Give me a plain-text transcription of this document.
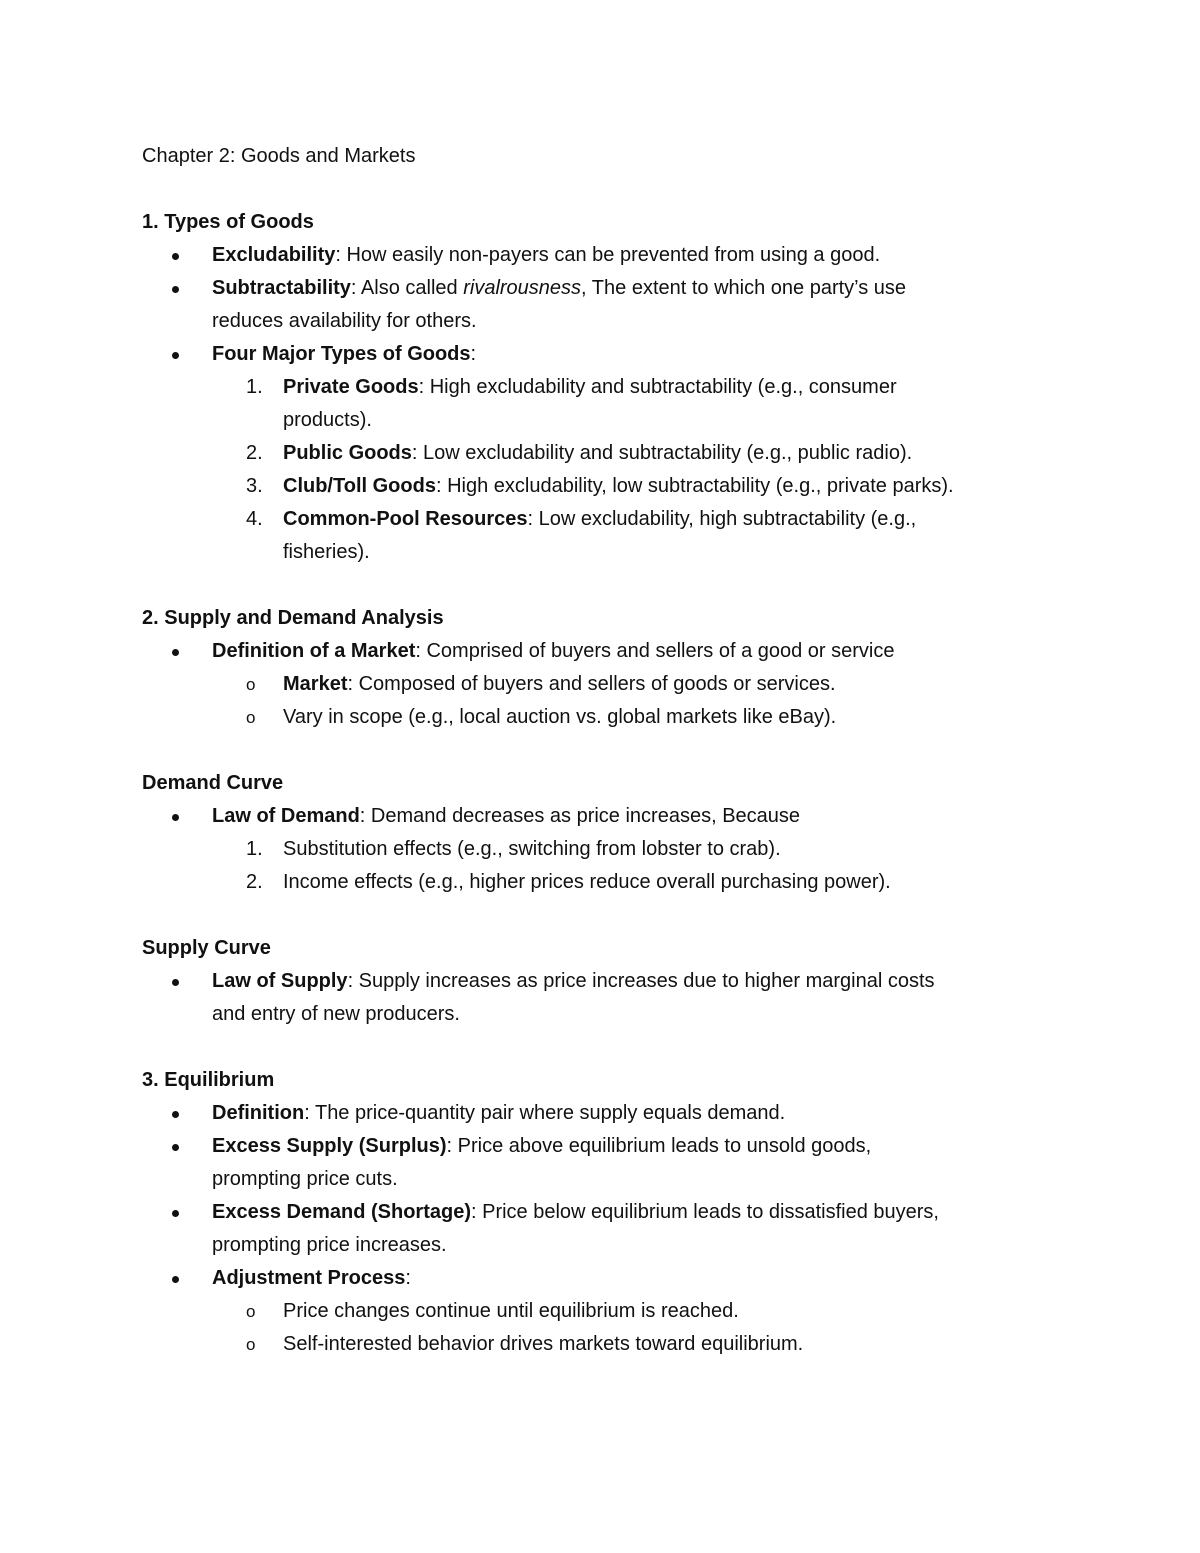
Chapter 2: Goods and Markets
1. Types of Goods
Excludability: How easily non-payers can be prevented from using a good.
Subtractability: Also called rivalrousness, The extent to which one party’s use
reduces availability for others.
Four Major Types of Goods:
1. Private Goods: High excludability and subtractability (e.g., consumer
products).
2. Public Goods: Low excludability and subtractability (e.g., public radio).
3. Club/Toll Goods: High excludability, low subtractability (e.g., private parks).
4. Common-Pool Resources: Low excludability, high subtractability (e.g.,
fisheries).
2. Supply and Demand Analysis
Definition of a Market: Comprised of buyers and sellers of a good or service
o Market: Composed of buyers and sellers of goods or services.
o Vary in scope (e.g., local auction vs. global markets like eBay).
Demand Curve
Law of Demand: Demand decreases as price increases, Because
1. Substitution effects (e.g., switching from lobster to crab).
2. Income effects (e.g., higher prices reduce overall purchasing power).
Supply Curve
Law of Supply: Supply increases as price increases due to higher marginal costs
and entry of new producers.
3. Equilibrium
Definition: The price-quantity pair where supply equals demand.
Excess Supply (Surplus): Price above equilibrium leads to unsold goods,
prompting price cuts.
Excess Demand (Shortage): Price below equilibrium leads to dissatisfied buyers,
prompting price increases.
Adjustment Process:
o Price changes continue until equilibrium is reached.
o Self-interested behavior drives markets toward equilibrium.
